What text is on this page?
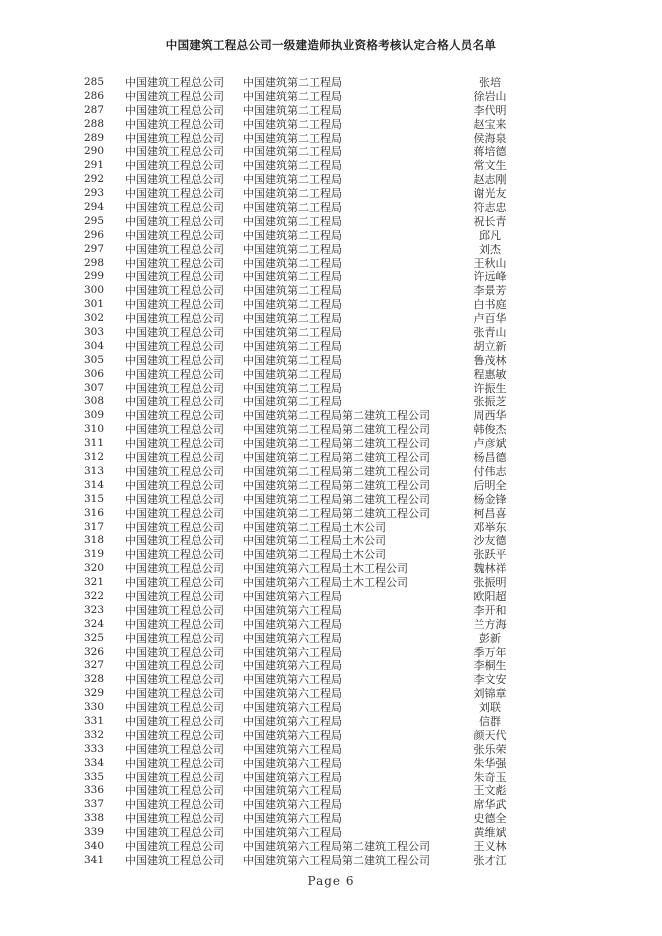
中国建筑工程总公司一级建造师执业资格考核认定合格人员名单
285 中国建筑工程总公司 中国建筑第二工程局	张培
286 中国建筑工程总公司 中国建筑第二工程局	徐岩山
287 中国建筑工程总公司 中国建筑第二工程局	李代明
288 中国建筑工程总公司 中国建筑第二工程局	赵宝来
289 中国建筑工程总公司 中国建筑第二工程局	侯海泉
290 中国建筑工程总公司 中国建筑第二工程局	蒋培德
291 中国建筑工程总公司 中国建筑第二工程局	常文生
292 中国建筑工程总公司 中国建筑第二工程局	赵志刚
293 中国建筑工程总公司 中国建筑第二工程局	谢光友
294 中国建筑工程总公司 中国建筑第二工程局	符志忠
295 中国建筑工程总公司 中国建筑第二工程局	祝长青
296 中国建筑工程总公司 中国建筑第二工程局	邱凡
297 中国建筑工程总公司 中国建筑第二工程局	刘杰
298 中国建筑工程总公司 中国建筑第二工程局	王秋山
299 中国建筑工程总公司 中国建筑第二工程局	许远峰
300 中国建筑工程总公司 中国建筑第二工程局	李景芳
301 中国建筑工程总公司 中国建筑第二工程局	白书庭
302 中国建筑工程总公司 中国建筑第二工程局	卢百华
303 中国建筑工程总公司 中国建筑第二工程局	张青山
304 中国建筑工程总公司 中国建筑第二工程局	胡立新
305 中国建筑工程总公司 中国建筑第二工程局	鲁茂林
306 中国建筑工程总公司 中国建筑第二工程局	程惠敏
307 中国建筑工程总公司 中国建筑第二工程局	许振生
308 中国建筑工程总公司 中国建筑第二工程局	张振芝
309 中国建筑工程总公司 中国建筑第二工程局第二建筑工程公司	周西华
310 中国建筑工程总公司 中国建筑第二工程局第二建筑工程公司	韩俊杰
311 中国建筑工程总公司 中国建筑第二工程局第二建筑工程公司	卢彦斌
312 中国建筑工程总公司 中国建筑第二工程局第二建筑工程公司	杨昌德
313 中国建筑工程总公司 中国建筑第二工程局第二建筑工程公司	付伟志
314 中国建筑工程总公司 中国建筑第二工程局第二建筑工程公司	后明全
315 中国建筑工程总公司 中国建筑第二工程局第二建筑工程公司	杨金锋
316 中国建筑工程总公司 中国建筑第二工程局第二建筑工程公司	柯昌喜
317 中国建筑工程总公司 中国建筑第二工程局土木公司	邓举东
318 中国建筑工程总公司 中国建筑第二工程局土木公司	沙友德
319 中国建筑工程总公司 中国建筑第二工程局土木公司	张跃平
320 中国建筑工程总公司 中国建筑第六工程局土木工程公司	魏林祥
321 中国建筑工程总公司 中国建筑第六工程局土木工程公司	张振明
322 中国建筑工程总公司 中国建筑第六工程局	欧阳超
323 中国建筑工程总公司 中国建筑第六工程局	李开和
324 中国建筑工程总公司 中国建筑第六工程局	兰方海
325 中国建筑工程总公司 中国建筑第六工程局	彭新
326 中国建筑工程总公司 中国建筑第六工程局	季万年
327 中国建筑工程总公司 中国建筑第六工程局	李桐生
328 中国建筑工程总公司 中国建筑第六工程局	李文安
329 中国建筑工程总公司 中国建筑第六工程局	刘锦章
330 中国建筑工程总公司 中国建筑第六工程局	刘联
331 中国建筑工程总公司 中国建筑第六工程局	信群
332 中国建筑工程总公司 中国建筑第六工程局	颜天代
333 中国建筑工程总公司 中国建筑第六工程局	张乐荣
334 中国建筑工程总公司 中国建筑第六工程局	朱华强
335 中国建筑工程总公司 中国建筑第六工程局	朱奇玉
336 中国建筑工程总公司 中国建筑第六工程局	王文彪
337 中国建筑工程总公司 中国建筑第六工程局	席华武
338 中国建筑工程总公司 中国建筑第六工程局	史德全
339 中国建筑工程总公司 中国建筑第六工程局	黄维斌
340 中国建筑工程总公司 中国建筑第六工程局第二建筑工程公司	王义林
341 中国建筑工程总公司 中国建筑第六工程局第二建筑工程公司	张才江
Page 6
